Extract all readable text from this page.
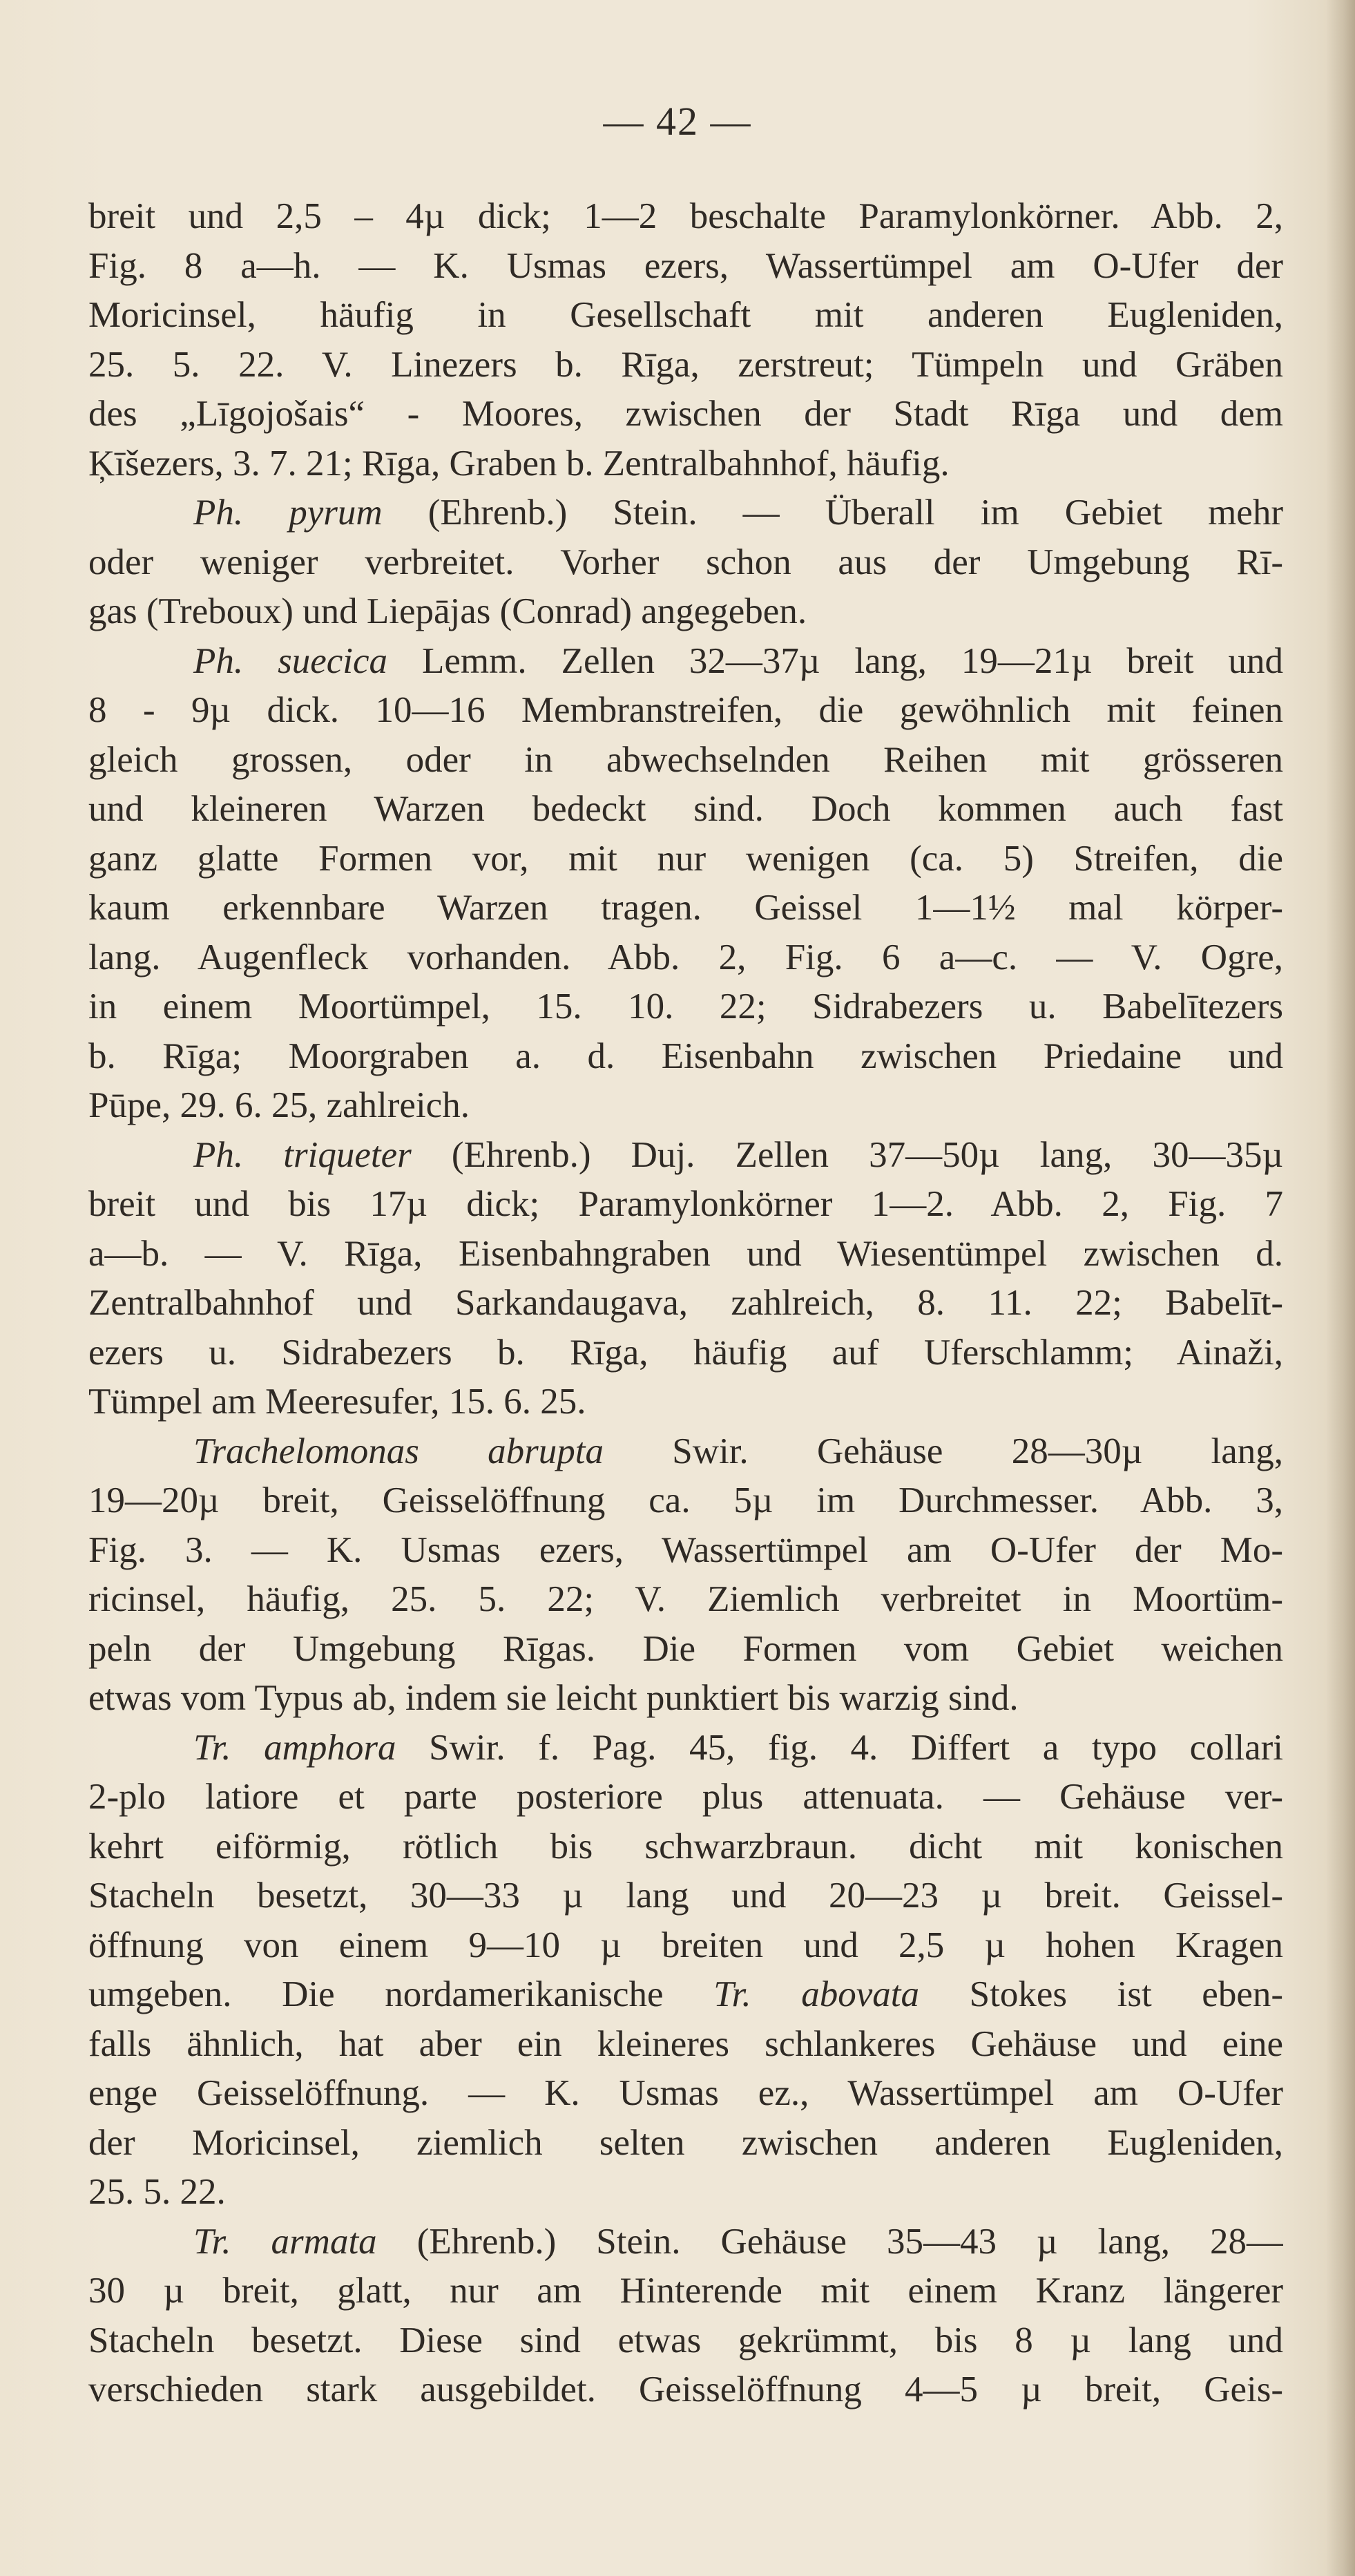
— 42 —
breit und 2,5 – 4µ dick; 1—2 beschalte Paramylonkörner. Abb. 2,
Fig. 8 a—h. — K. Usmas ezers, Wassertümpel am O-Ufer der
Moricinsel, häufig in Gesellschaft mit anderen Eugleniden,
25. 5. 22. V. Linezers b. Rīga, zerstreut; Tümpeln und Gräben
des „Līgojošais“ - Moores, zwischen der Stadt Rīga und dem
Ķīšezers, 3. 7. 21; Rīga, Graben b. Zentralbahnhof, häufig.
Ph. pyrum (Ehrenb.) Stein. — Überall im Gebiet mehr
oder weniger verbreitet. Vorher schon aus der Umgebung Rī-
gas (Treboux) und Liepājas (Conrad) angegeben.
Ph. suecica Lemm. Zellen 32—37µ lang, 19—21µ breit und
8 - 9µ dick. 10—16 Membranstreifen, die gewöhnlich mit feinen
gleich grossen, oder in abwechselnden Reihen mit grösseren
und kleineren Warzen bedeckt sind. Doch kommen auch fast
ganz glatte Formen vor, mit nur wenigen (ca. 5) Streifen, die
kaum erkennbare Warzen tragen. Geissel 1—1½ mal körper-
lang. Augenfleck vorhanden. Abb. 2, Fig. 6 a—c. — V. Ogre,
in einem Moortümpel, 15. 10. 22; Sidrabezers u. Babelītezers
b. Rīga; Moorgraben a. d. Eisenbahn zwischen Priedaine und
Pūpe, 29. 6. 25, zahlreich.
Ph. triqueter (Ehrenb.) Duj. Zellen 37—50µ lang, 30—35µ
breit und bis 17µ dick; Paramylonkörner 1—2. Abb. 2, Fig. 7
a—b. — V. Rīga, Eisenbahngraben und Wiesentümpel zwischen d.
Zentralbahnhof und Sarkandaugava, zahlreich, 8. 11. 22; Babelīt-
ezers u. Sidrabezers b. Rīga, häufig auf Uferschlamm; Ainaži,
Tümpel am Meeresufer, 15. 6. 25.
Trachelomonas abrupta Swir. Gehäuse 28—30µ lang,
19—20µ breit, Geisselöffnung ca. 5µ im Durchmesser. Abb. 3,
Fig. 3. — K. Usmas ezers, Wassertümpel am O-Ufer der Mo-
ricinsel, häufig, 25. 5. 22; V. Ziemlich verbreitet in Moortüm-
peln der Umgebung Rīgas. Die Formen vom Gebiet weichen
etwas vom Typus ab, indem sie leicht punktiert bis warzig sind.
Tr. amphora Swir. f. Pag. 45, fig. 4. Differt a typo collari
2-plo latiore et parte posteriore plus attenuata. — Gehäuse ver-
kehrt eiförmig, rötlich bis schwarzbraun. dicht mit konischen
Stacheln besetzt, 30—33 µ lang und 20—23 µ breit. Geissel-
öffnung von einem 9—10 µ breiten und 2,5 µ hohen Kragen
umgeben. Die nordamerikanische Tr. abovata Stokes ist eben-
falls ähnlich, hat aber ein kleineres schlankeres Gehäuse und eine
enge Geisselöffnung. — K. Usmas ez., Wassertümpel am O-Ufer
der Moricinsel, ziemlich selten zwischen anderen Eugleniden,
25. 5. 22.
Tr. armata (Ehrenb.) Stein. Gehäuse 35—43 µ lang, 28—
30 µ breit, glatt, nur am Hinterende mit einem Kranz längerer
Stacheln besetzt. Diese sind etwas gekrümmt, bis 8 µ lang und
verschieden stark ausgebildet. Geisselöffnung 4—5 µ breit, Geis-
